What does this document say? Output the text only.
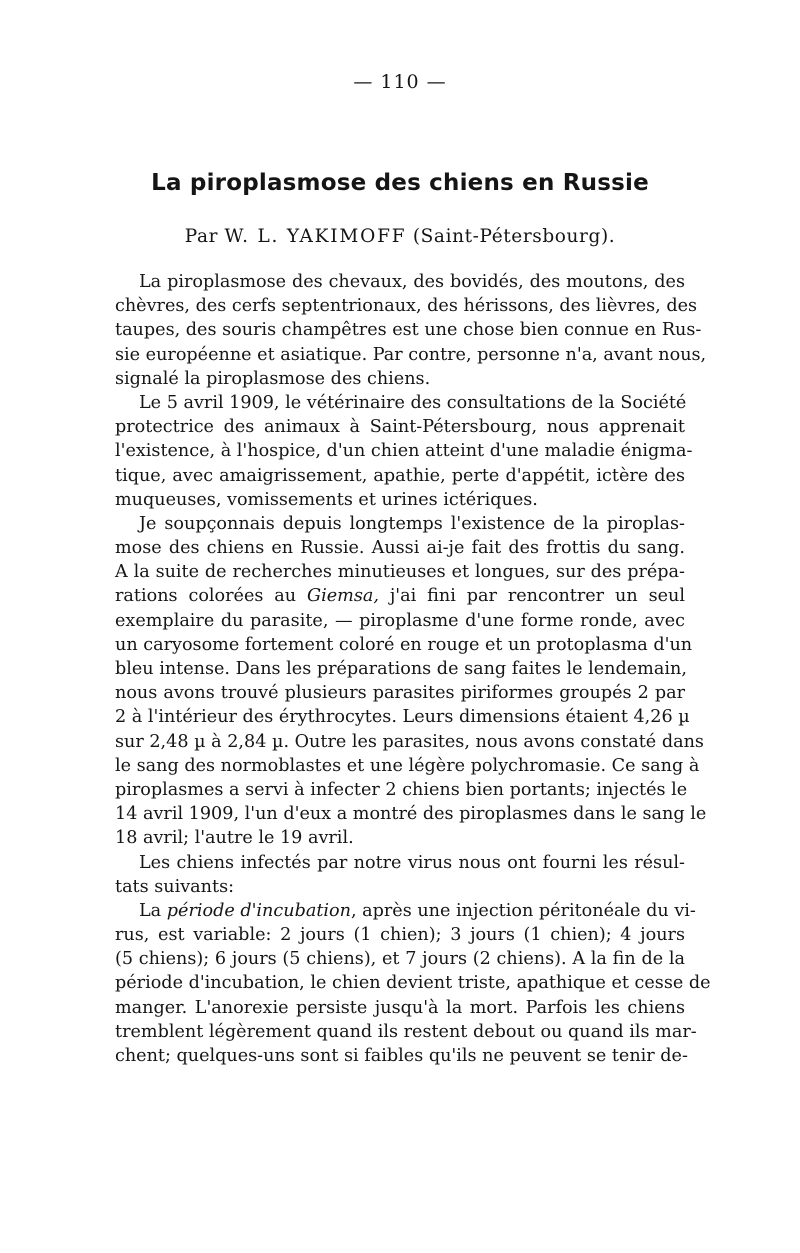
— 110 —
La piroplasmose des chiens en Russie
Par W. L. YAKIMOFF (Saint-Pétersbourg).
La piroplasmose des chevaux, des bovidés, des moutons, des
chèvres, des cerfs septentrionaux, des hérissons, des lièvres, des
taupes, des souris champêtres est une chose bien connue en Rus-
sie européenne et asiatique. Par contre, personne n'a, avant nous,
signalé la piroplasmose des chiens.
Le 5 avril 1909, le vétérinaire des consultations de la Société
protectrice des animaux à Saint-Pétersbourg, nous apprenait
l'existence, à l'hospice, d'un chien atteint d'une maladie énigma-
tique, avec amaigrissement, apathie, perte d'appétit, ictère des
muqueuses, vomissements et urines ictériques.
Je soupçonnais depuis longtemps l'existence de la piroplas-
mose des chiens en Russie. Aussi ai-je fait des frottis du sang.
A la suite de recherches minutieuses et longues, sur des prépa-
rations colorées au Giemsa, j'ai fini par rencontrer un seul
exemplaire du parasite, — piroplasme d'une forme ronde, avec
un caryosome fortement coloré en rouge et un protoplasma d'un
bleu intense. Dans les préparations de sang faites le lendemain,
nous avons trouvé plusieurs parasites piriformes groupés 2 par
2 à l'intérieur des érythrocytes. Leurs dimensions étaient 4,26 µ
sur 2,48 µ à 2,84 µ. Outre les parasites, nous avons constaté dans
le sang des normoblastes et une légère polychromasie. Ce sang à
piroplasmes a servi à infecter 2 chiens bien portants; injectés le
14 avril 1909, l'un d'eux a montré des piroplasmes dans le sang le
18 avril; l'autre le 19 avril.
Les chiens infectés par notre virus nous ont fourni les résul-
tats suivants:
La période d'incubation, après une injection péritonéale du vi-
rus, est variable: 2 jours (1 chien); 3 jours (1 chien); 4 jours
(5 chiens); 6 jours (5 chiens), et 7 jours (2 chiens). A la fin de la
période d'incubation, le chien devient triste, apathique et cesse de
manger. L'anorexie persiste jusqu'à la mort. Parfois les chiens
tremblent légèrement quand ils restent debout ou quand ils mar-
chent; quelques-uns sont si faibles qu'ils ne peuvent se tenir de-
